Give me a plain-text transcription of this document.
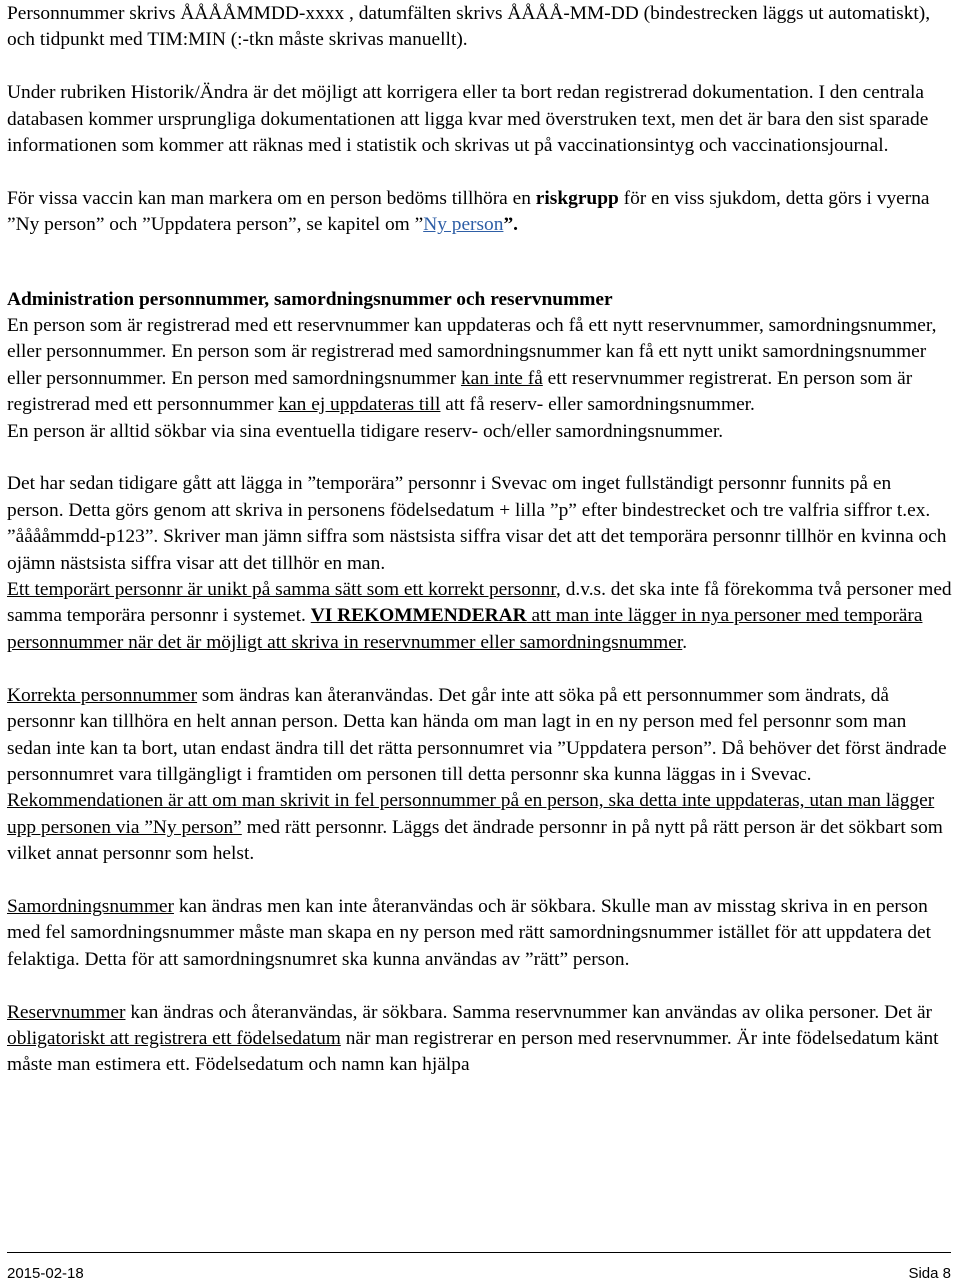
Personnummer skrivs ÅÅÅÅMMDD-xxxx , datumfälten skrivs ÅÅÅÅ-MM-DD (bindestrecken läggs ut automatiskt), och tidpunkt med TIM:MIN (:-tkn måste skrivas manuellt).

Under rubriken Historik/Ändra är det möjligt att korrigera eller ta bort redan registrerad dokumentation. I den centrala databasen kommer ursprungliga dokumentationen att ligga kvar med överstruken text, men det är bara den sist sparade informationen som kommer att räknas med i statistik och skrivas ut på vaccinationsintyg och vaccinationsjournal.

För vissa vaccin kan man markera om en person bedöms tillhöra en riskgrupp för en viss sjukdom, detta görs i vyerna ”Ny person” och ”Uppdatera person”, se kapitel om ”Ny person”.

Administration personnummer, samordningsnummer och reservnummer

En person som är registrerad med ett reservnummer kan uppdateras och få ett nytt reservnummer, samordningsnummer, eller personnummer. En person som är registrerad med samordningsnummer kan få ett nytt unikt samordningsnummer eller personnummer. En person med samordningsnummer kan inte få ett reservnummer registrerat. En person som är registrerad med ett personnummer kan ej uppdateras till att få reserv- eller samordningsnummer.

En person är alltid sökbar via sina eventuella tidigare reserv- och/eller samordningsnummer.

Det har sedan tidigare gått att lägga in ”temporära” personnr i Svevac om inget fullständigt personnr funnits på en person. Detta görs genom att skriva in personens födelsedatum + lilla ”p” efter bindestrecket och tre valfria siffror t.ex. ”ååååmmdd-p123”. Skriver man jämn siffra som nästsista siffra visar det att det temporära personnr tillhör en kvinna och ojämn nästsista siffra visar att det tillhör en man.

Ett temporärt personnr är unikt på samma sätt som ett korrekt personnr, d.v.s. det ska inte få förekomma två personer med samma temporära personnr i systemet. VI REKOMMENDERAR att man inte lägger in nya personer med temporära personnummer när det är möjligt att skriva in reservnummer eller samordningsnummer.

Korrekta personnummer som ändras kan återanvändas. Det går inte att söka på ett personnummer som ändrats, då personnr kan tillhöra en helt annan person. Detta kan hända om man lagt in en ny person med fel personnr som man sedan inte kan ta bort, utan endast ändra till det rätta personnumret via ”Uppdatera person”. Då behöver det först ändrade personnumret vara tillgängligt i framtiden om personen till detta personnr ska kunna läggas in i Svevac. Rekommendationen är att om man skrivit in fel personnummer på en person, ska detta inte uppdateras, utan man lägger upp personen via ”Ny person” med rätt personnr. Läggs det ändrade personnr in på nytt på rätt person är det sökbart som vilket annat personnr som helst.

Samordningsnummer kan ändras men kan inte återanvändas och är sökbara. Skulle man av misstag skriva in en person med fel samordningsnummer måste man skapa en ny person med rätt samordningsnummer istället för att uppdatera det felaktiga. Detta för att samordningsnumret ska kunna användas av ”rätt” person.

Reservnummer kan ändras och återanvändas, är sökbara. Samma reservnummer kan användas av olika personer. Det är obligatoriskt att registrera ett födelsedatum när man registrerar en person med reservnummer. Är inte födelsedatum känt måste man estimera ett. Födelsedatum och namn kan hjälpa

2015-02-18	Sida 8
